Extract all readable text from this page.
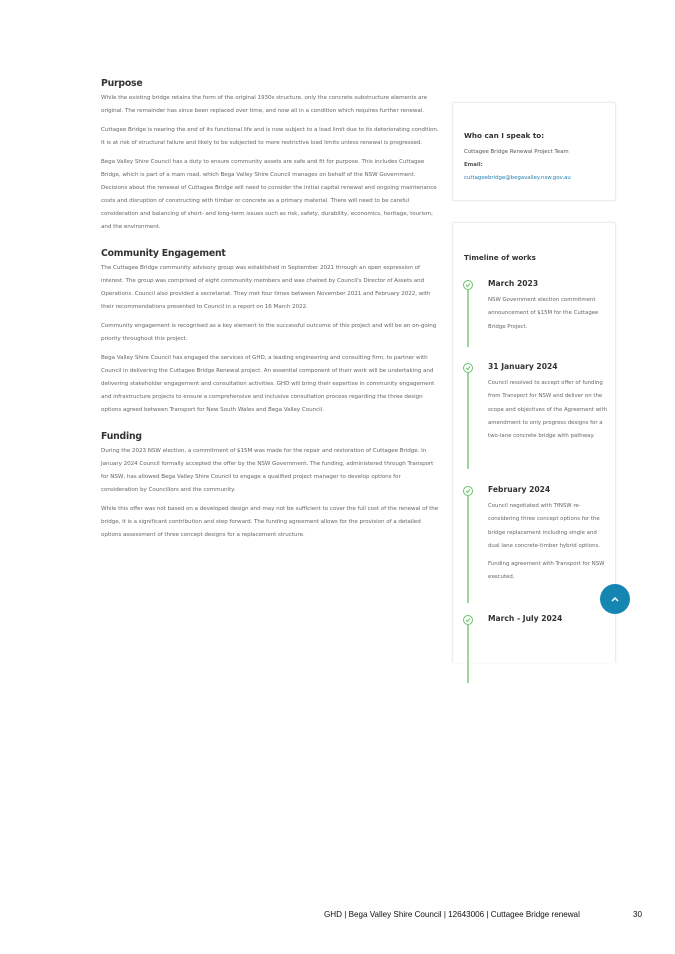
Purpose

While the existing bridge retains the form of the original 1930s structure, only the concrete substructure elements are original. The remainder has since been replaced over time, and now all in a condition which requires further renewal.

Cuttagee Bridge is nearing the end of its functional life and is now subject to a load limit due to its deteriorating condition. It is at risk of structural failure and likely to be subjected to more restrictive load limits unless renewal is progressed.

Bega Valley Shire Council has a duty to ensure community assets are safe and fit for purpose. This includes Cuttagee Bridge, which is part of a main road, which Bega Valley Shire Council manages on behalf of the NSW Government. Decisions about the renewal of Cuttagee Bridge will need to consider the initial capital renewal and ongoing maintenance costs and disruption of constructing with timber or concrete as a primary material. There will need to be careful consideration and balancing of short- and long-term issues such as risk, safety, durability, economics, heritage, tourism, and the environment.

Community Engagement

The Cuttagee Bridge community advisory group was established in September 2021 through an open expression of interest. The group was comprised of eight community members and was chaired by Council's Director of Assets and Operations. Council also provided a secretariat. They met four times between November 2021 and February 2022, with their recommendations presented to Council in a report on 16 March 2022.

Community engagement is recognised as a key element to the successful outcome of this project and will be an on-going priority throughout this project.

Bega Valley Shire Council has engaged the services of GHD, a leading engineering and consulting firm, to partner with Council in delivering the Cuttagee Bridge Renewal project. An essential component of their work will be undertaking and delivering stakeholder engagement and consultation activities. GHD will bring their expertise in community engagement and infrastructure projects to ensure a comprehensive and inclusive consultation process regarding the three design options agreed between Transport for New South Wales and Bega Valley Council.

Funding

During the 2023 NSW election, a commitment of $15M was made for the repair and restoration of Cuttagee Bridge. In January 2024 Council formally accepted the offer by the NSW Government. The funding, administered through Transport for NSW, has allowed Bega Valley Shire Council to engage a qualified project manager to develop options for consideration by Councillors and the community.

While this offer was not based on a developed design and may not be sufficient to cover the full cost of the renewal of the bridge, it is a significant contribution and step forward. The funding agreement allows for the provision of a detailed options assessment of three concept designs for a replacement structure.

Who can I speak to:
Cuttagee Bridge Renewal Project Team
Email:
cuttageebridge@begavalley.nsw.gov.au
Timeline of works
March 2023
NSW Government election commitment announcement of $15M for the Cuttagee Bridge Project.
31 January 2024
Council resolved to accept offer of funding from Transport for NSW and deliver on the scope and objectives of the Agreement with amendment to only progress designs for a two-lane concrete bridge with pathway.
February 2024
Council negotiated with TfNSW re-considering three concept options for the bridge replacement including single and dual lane concrete-timber hybrid options.
Funding agreement with Transport for NSW executed.
March - July 2024
GHD | Bega Valley Shire Council | 12643006 | Cuttagee Bridge renewal	30
